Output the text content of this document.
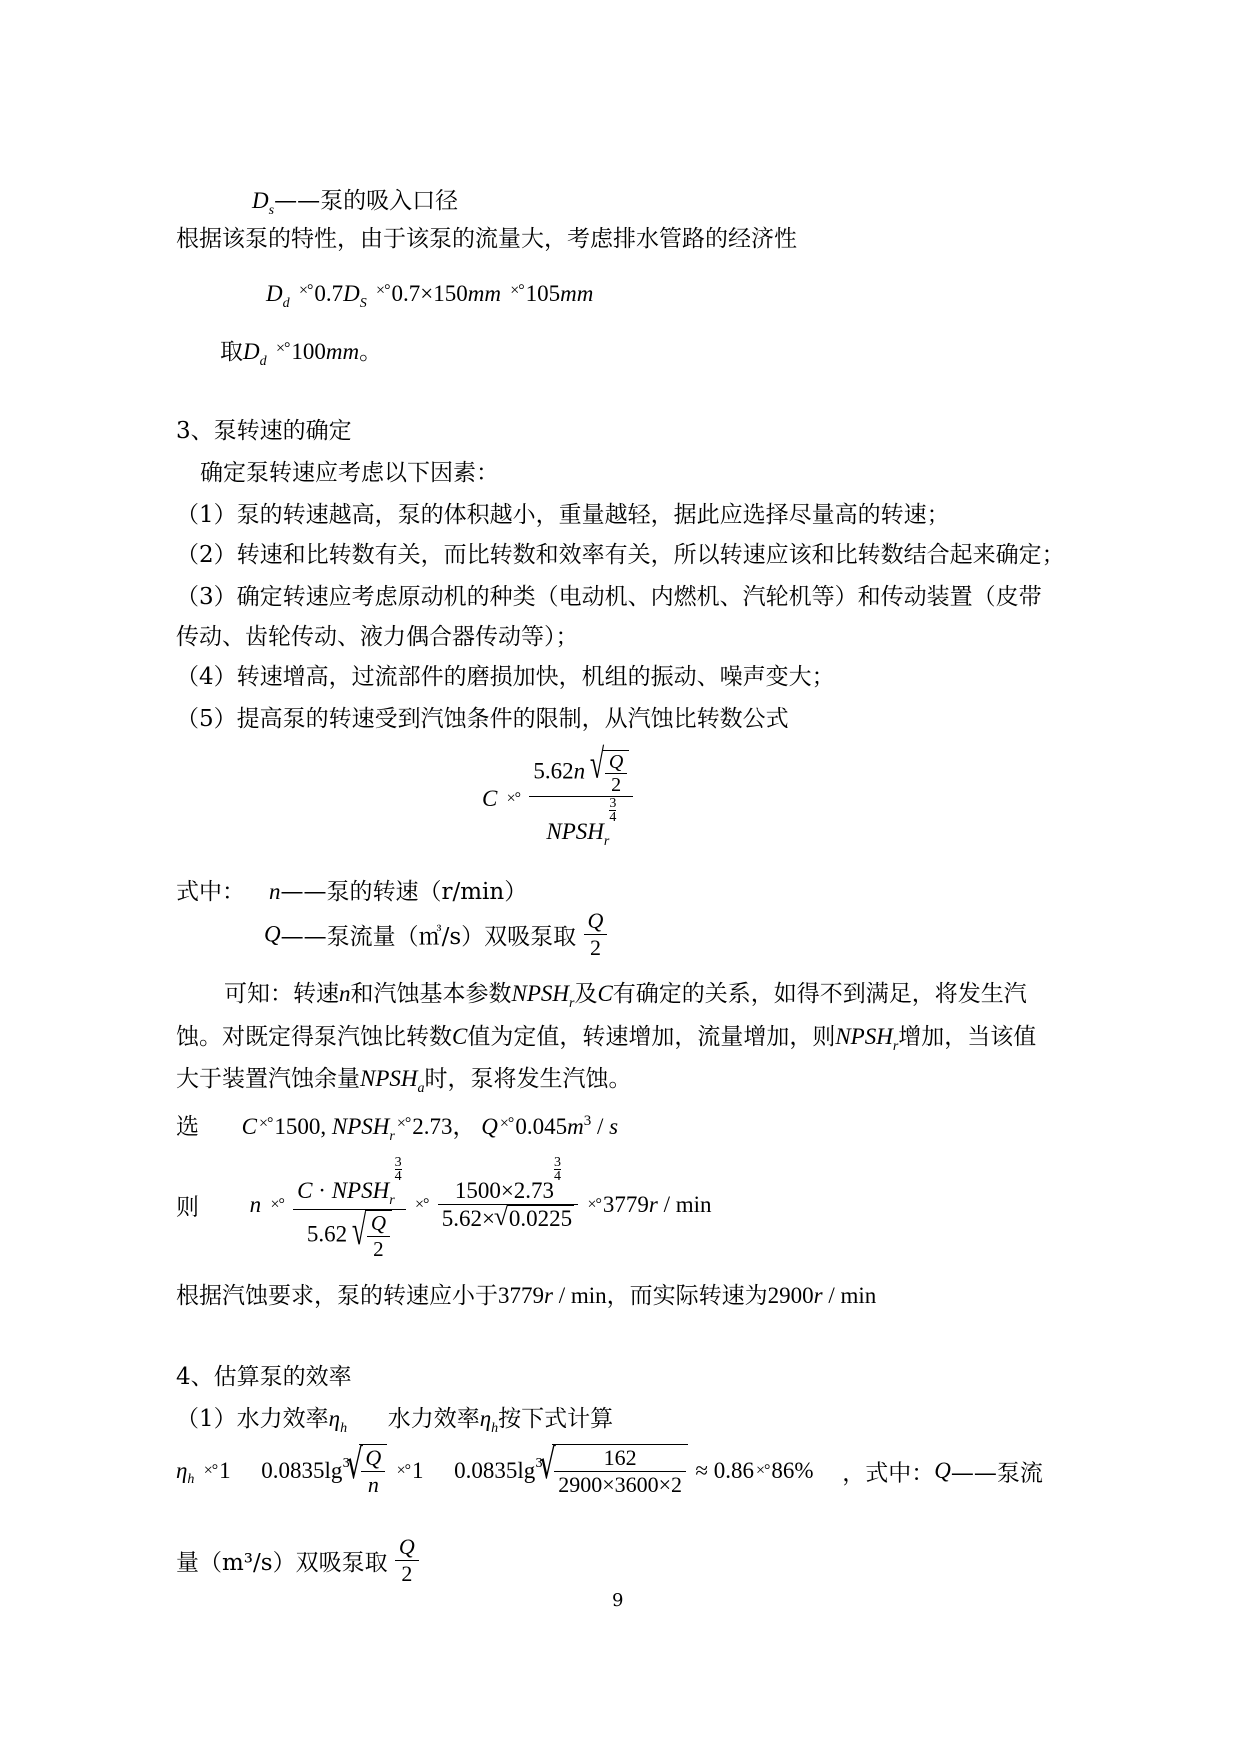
$D_s——$泵的吸入口径
根据该泵的特性，由于该泵的流量大，考虑排水管路的经济性
$D_d$ $^{\times^\circ}0.7D_S$ ×°0.7×150mm ×°105mm
取$D_d$ ×°100mm。
3、泵转速的确定
确定泵转速应考虑以下因素：
（1）泵的转速越高，泵的体积越小，重量越轻，据此应选择尽量高的转速；
（2）转速和比转数有关，而比转数和效率有关，所以转速应该和比转数结合起来确定；
（3）确定转速应考虑原动机的种类（电动机、内燃机、汽轮机等）和传动装置（皮带
传动、齿轮传动、液力偶合器传动等）；
（4）转速增高，过流部件的磨损加快，机组的振动、噪声变大；
（5）提高泵的转速受到汽蚀条件的限制，从汽蚀比转数公式
C ×° 5.62n √ $\frac{Q}{2}$
$NPSH_r$
$\frac{3}{4}$
式中： n——泵的转速（r/min）
Q——泵流量（㎥/s）双吸泵取 $\frac{Q}{2}$
可知：转速n和汽蚀基本参数$NPSH_r$及C有确定的关系，如得不到满足，将发生汽
蚀。对既定得泵汽蚀比转数C值为定值，转速增加，流量增加，则$NPSH_r$增加，当该值
大于装置汽蚀余量$NPSH_a$时，泵将发生汽蚀。
选 C ×°1500, $NPSH_r^{\times^\circ}2.73$， Q $^{\times^\circ}0.045m^3$ / s
则 n ×° $C \cdot NPSH_r$
$\frac{3}{4}$
5.62 √ $\frac{Q}{2}$ ×° 1500×2.73
$\frac{3}{4}$
5.62× √ 0.0225 ×°3779r / min
根据汽蚀要求，泵的转速应小于3779r / min，而实际转速为2900r / min
4、估算泵的效率
（1）水力效率$\eta_h$ 水力效率$\eta_h$按下式计算
$\eta_h \times^\circ 1$ $0.0835\lg^3$ √ $\frac{Q}{n} \times^\circ 1$ $0.0835\lg^3$ √ $\frac{162}{2900\times 3600\times 2} \approx 0.86 \times^\circ 86\%$ ，式中：Q——泵流
量（m³/s）双吸泵取 $\frac{Q}{2}$
9
